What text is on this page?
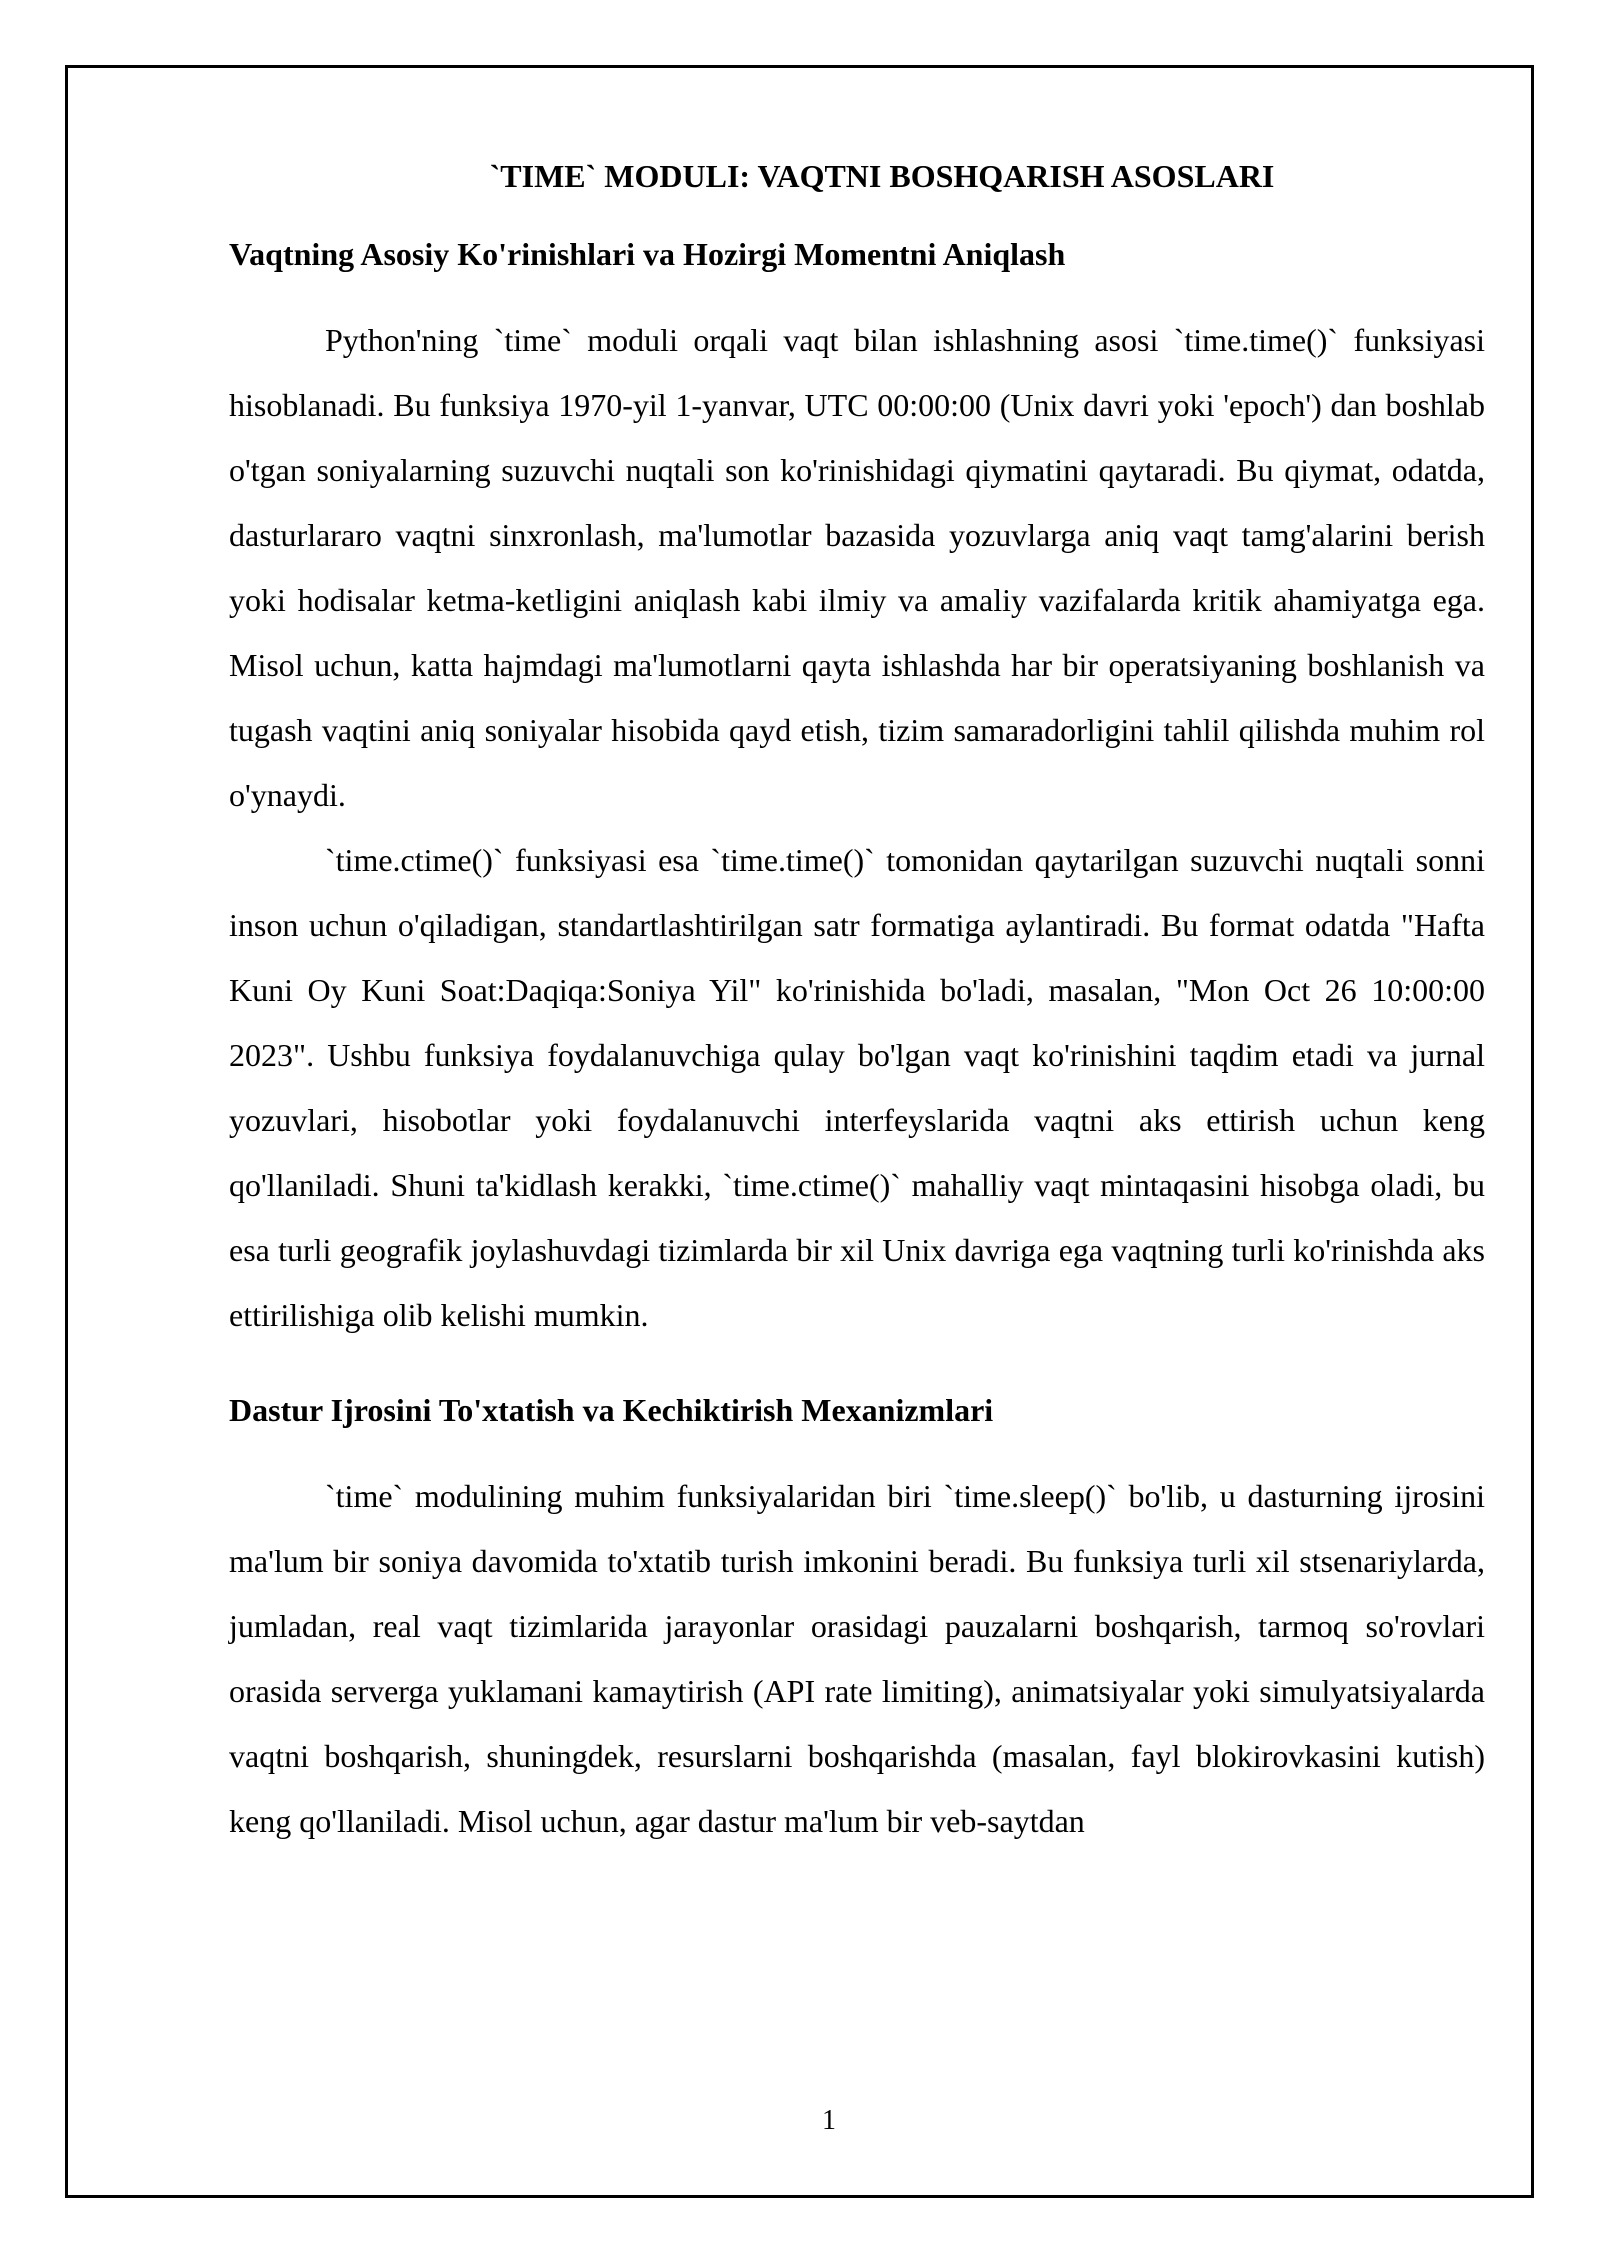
`TIME` MODULI: VAQTNI BOSHQARISH ASOSLARI
Vaqtning Asosiy Ko'rinishlari va Hozirgi Momentni Aniqlash

Python'ning `time` moduli orqali vaqt bilan ishlashning asosi `time.time()` funksiyasi hisoblanadi. Bu funksiya 1970-yil 1-yanvar, UTC 00:00:00 (Unix davri yoki 'epoch') dan boshlab o'tgan soniyalarning suzuvchi nuqtali son ko'rinishidagi qiymatini qaytaradi. Bu qiymat, odatda, dasturlararo vaqtni sinxronlash, ma'lumotlar bazasida yozuvlarga aniq vaqt tamg'alarini berish yoki hodisalar ketma-ketligini aniqlash kabi ilmiy va amaliy vazifalarda kritik ahamiyatga ega. Misol uchun, katta hajmdagi ma'lumotlarni qayta ishlashda har bir operatsiyaning boshlanish va tugash vaqtini aniq soniyalar hisobida qayd etish, tizim samaradorligini tahlil qilishda muhim rol o'ynaydi.

`time.ctime()` funksiyasi esa `time.time()` tomonidan qaytarilgan suzuvchi nuqtali sonni inson uchun o'qiladigan, standartlashtirilgan satr formatiga aylantiradi. Bu format odatda "Hafta Kuni Oy Kuni Soat:Daqiqa:Soniya Yil" ko'rinishida bo'ladi, masalan, "Mon Oct 26 10:00:00 2023". Ushbu funksiya foydalanuvchiga qulay bo'lgan vaqt ko'rinishini taqdim etadi va jurnal yozuvlari, hisobotlar yoki foydalanuvchi interfeyslarida vaqtni aks ettirish uchun keng qo'llaniladi. Shuni ta'kidlash kerakki, `time.ctime()` mahalliy vaqt mintaqasini hisobga oladi, bu esa turli geografik joylashuvdagi tizimlarda bir xil Unix davriga ega vaqtning turli ko'rinishda aks ettirilishiga olib kelishi mumkin.

Dastur Ijrosini To'xtatish va Kechiktirish Mexanizmlari

`time` modulining muhim funksiyalaridan biri `time.sleep()` bo'lib, u dasturning ijrosini ma'lum bir soniya davomida to'xtatib turish imkonini beradi. Bu funksiya turli xil stsenariylarda, jumladan, real vaqt tizimlarida jarayonlar orasidagi pauzalarni boshqarish, tarmoq so'rovlari orasida serverga yuklamani kamaytirish (API rate limiting), animatsiyalar yoki simulyatsiyalarda vaqtni boshqarish, shuningdek, resurslarni boshqarishda (masalan, fayl blokirovkasini kutish) keng qo'llaniladi. Misol uchun, agar dastur ma'lum bir veb-saytdan

1
